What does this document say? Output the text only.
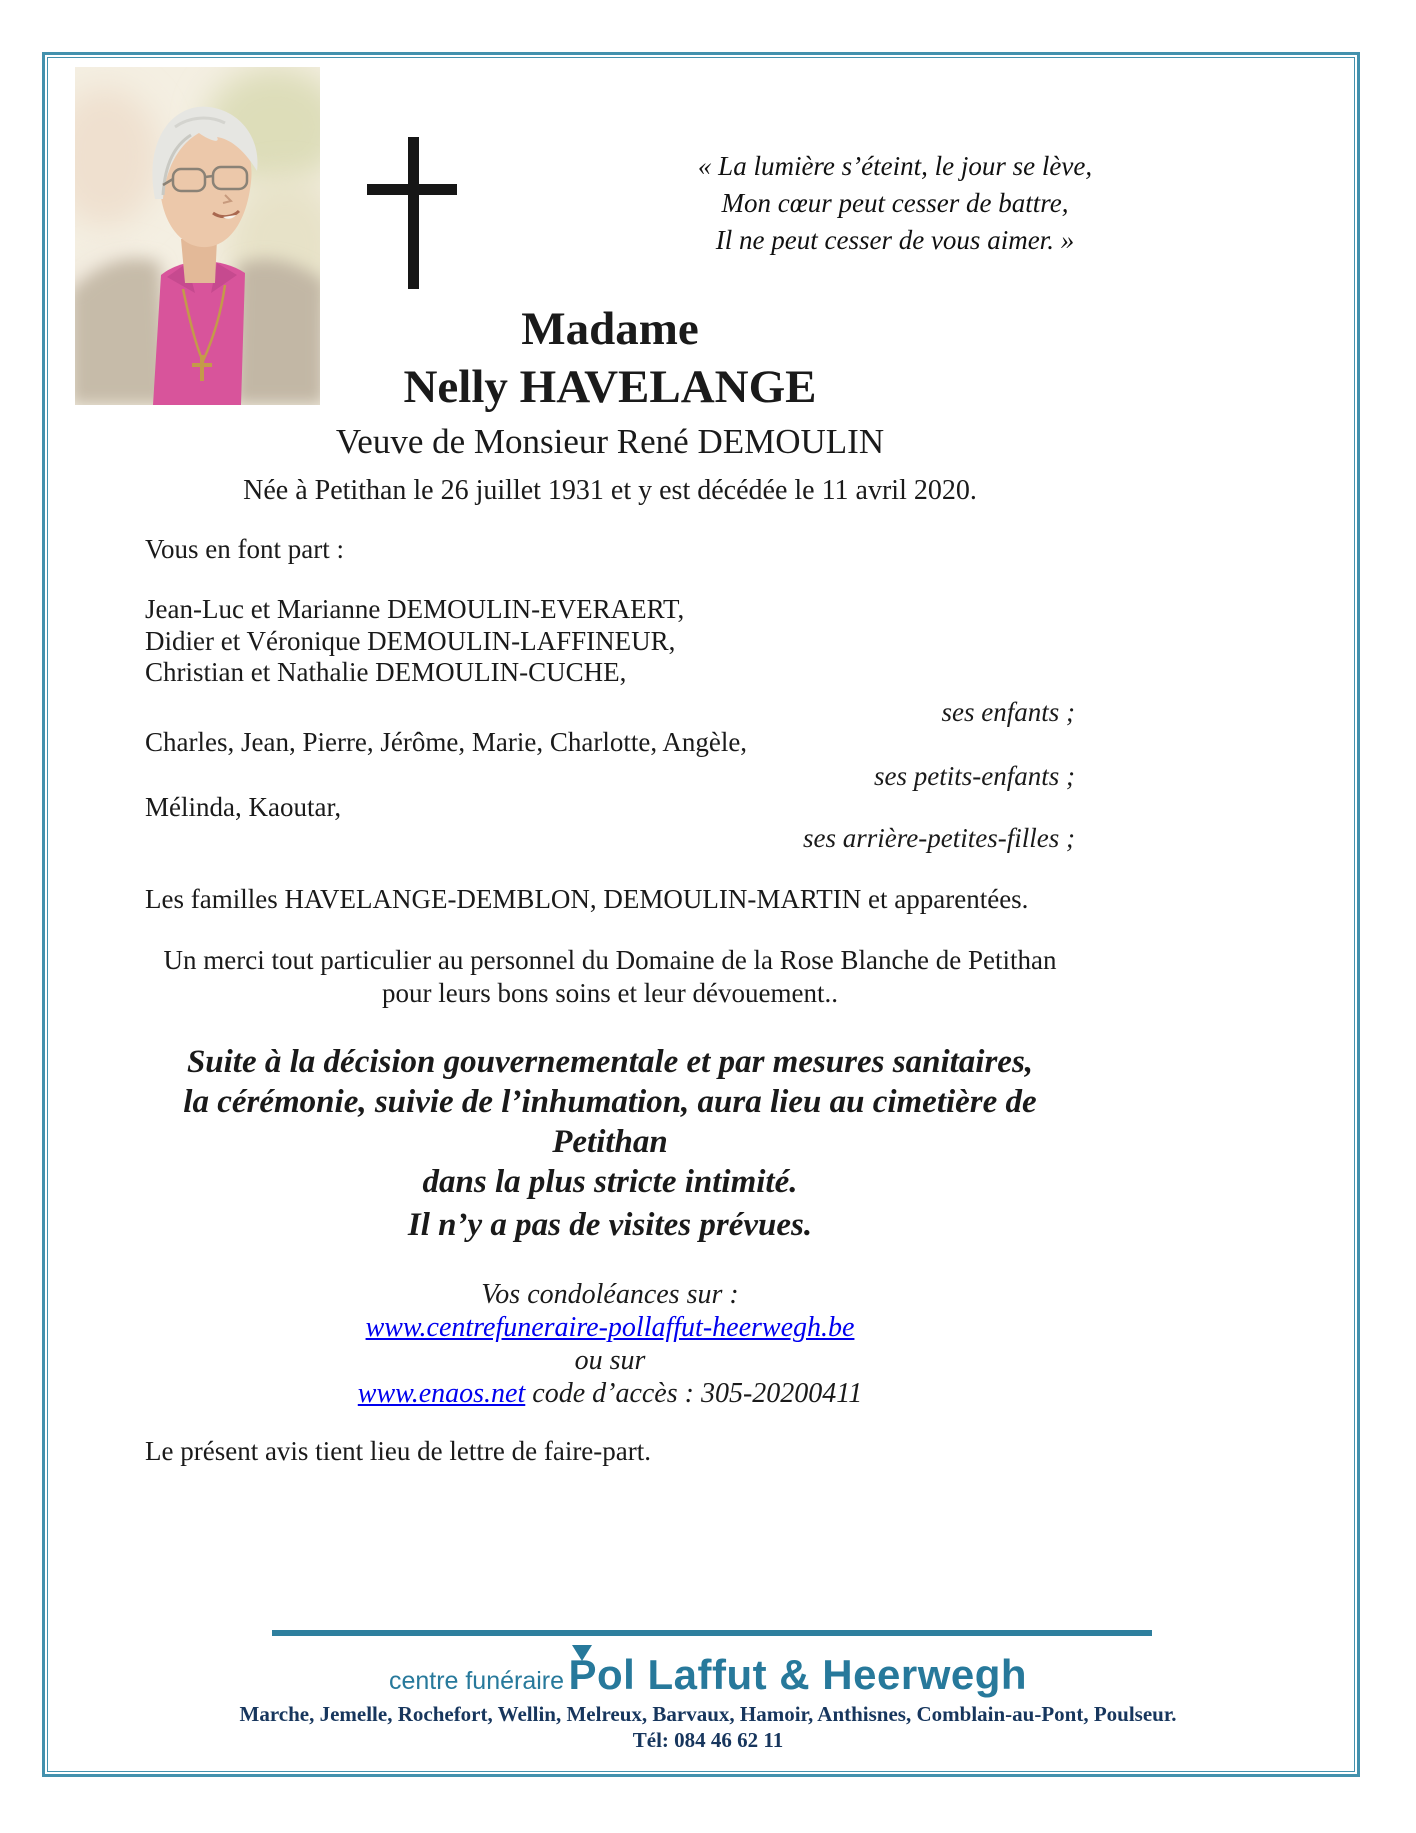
« La lumière s’éteint, le jour se lève,
Mon cœur peut cesser de battre,
Il ne peut cesser de vous aimer. »
Madame
Nelly HAVELANGE
Veuve de Monsieur René DEMOULIN
Née à Petithan le 26 juillet 1931 et y est décédée le 11 avril 2020.
Vous en font part :
Jean-Luc et Marianne DEMOULIN-EVERAERT,
Didier et Véronique DEMOULIN-LAFFINEUR,
Christian et Nathalie DEMOULIN-CUCHE,
ses enfants ;
Charles, Jean, Pierre, Jérôme, Marie, Charlotte, Angèle,
ses petits-enfants ;
Mélinda, Kaoutar,
ses arrière-petites-filles ;
Les familles HAVELANGE-DEMBLON, DEMOULIN-MARTIN et apparentées.
Un merci tout particulier au personnel du Domaine de la Rose Blanche de Petithan
pour leurs bons soins et leur dévouement..
Suite à la décision gouvernementale et par mesures sanitaires,
la cérémonie, suivie de l’inhumation, aura lieu au cimetière de Petithan
dans la plus stricte intimité.
Il n’y a pas de visites prévues.
Vos condoléances sur :
www.centrefuneraire-pollaffut-heerwegh.be
ou sur
www.enaos.net code d’accès : 305-20200411
Le présent avis tient lieu de lettre de faire-part.
centre funéraire Pol Laffut & Heerwegh
Marche, Jemelle, Rochefort, Wellin, Melreux, Barvaux, Hamoir, Anthisnes, Comblain-au-Pont, Poulseur.
Tél: 084 46 62 11
